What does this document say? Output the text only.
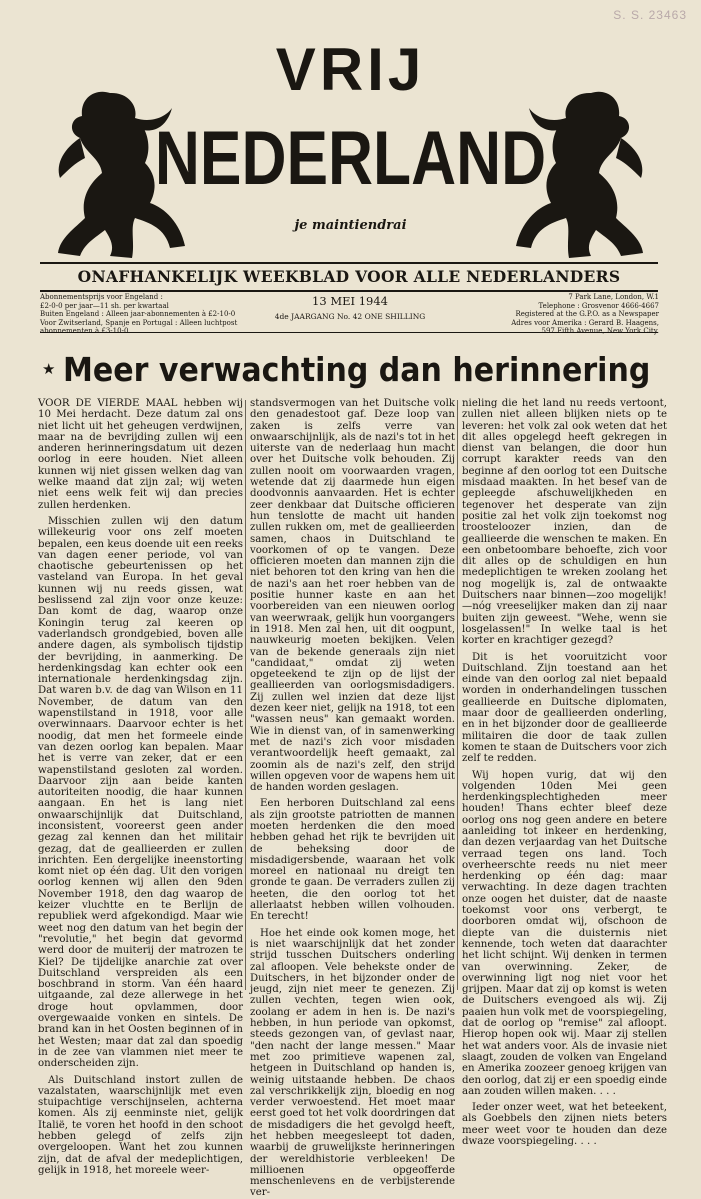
S. S. 23463
VRIJ
NEDERLAND
je maintiendrai
ONAFHANKELIJK WEEKBLAD VOOR ALLE NEDERLANDERS
Abonnementsprijs voor Engeland :
£2-0-0 per jaar—11 sh. per kwartaal
Buiten Engeland : Alleen jaar-abonnementen à £2-10-0
Voor Zwitserland, Spanje en Portugal : Alleen luchtpost
abonnementen à £3-10-0
13 MEI 1944
4de JAARGANG No. 42 ONE SHILLING
7 Park Lane, London, W.1
Telephone : Grosvenor 4666-4667
Registered at the G.P.O. as a Newspaper
Adres voor Amerika : Gerard B. Haagens,
597 Fifth Avenue, New York City.
★ Meer verwachting dan herinnering

VOOR DE VIERDE MAAL hebben wij 10 Mei herdacht. Deze datum zal ons niet licht uit het geheugen verdwijnen, maar na de bevrijding zullen wij een anderen herinneringsdatum uit dezen oorlog in eere houden. Niet alleen kunnen wij niet gissen welken dag van welke maand dat zijn zal; wij weten niet eens welk feit wij dan precies zullen herdenken.

Misschien zullen wij den datum willekeurig voor ons zelf moeten bepalen, een keus doende uit een reeks van dagen eener periode, vol van chaotische gebeurtenissen op het vasteland van Europa. In het geval kunnen wij nu reeds gissen, wat beslissend zal zijn voor onze keuze: Dan komt de dag, waarop onze Koningin terug zal keeren op vaderlandsch grondgebied, boven alle andere dagen, als symbolisch tijdstip der bevrijding, in aanmerking. De herdenkingsdag kan echter ook een internationale herdenkingsdag zijn. Dat waren b.v. de dag van Wilson en 11 November, de datum van den wapenstilstand in 1918, voor alle overwinnaars. Daarvoor echter is het noodig, dat men het formeele einde van dezen oorlog kan bepalen. Maar het is verre van zeker, dat er een wapenstilstand gesloten zal worden. Daarvoor zijn aan beide kanten autoriteiten noodig, die haar kunnen aangaan. En het is lang niet onwaarschijnlijk dat Duitschland, inconsistent, vooreerst geen ander gezag zal kennen dan het militair gezag, dat de geallieerden er zullen inrichten. Een dergelijke ineenstorting komt niet op één dag. Uit den vorigen oorlog kennen wij allen den 9den November 1918, den dag waarop de keizer vluchtte en te Berlijn de republiek werd afgekondigd. Maar wie weet nog den datum van het begin der "revolutie," het begin dat gevormd werd door de muiterij der matrozen te Kiel? De tijdelijke anarchie zat over Duitschland verspreiden als een boschbrand in storm. Van één haard uitgaande, zal deze allerwege in het droge hout opvlammen, door overgewaaide vonken en sintels. De brand kan in het Oosten beginnen of in het Westen; maar dat zal dan spoedig in de zee van vlammen niet meer te onderscheiden zijn.

Als Duitschland instort zullen de vazalstaten, waarschijnlijk met even stuipachtige verschijnselen, achterna komen. Als zij eenminste niet, gelijk Italië, te voren het hoofd in den schoot hebben gelegd of zelfs zijn overgeloopen. Want het zou kunnen zijn, dat de afval der medeplichtigen, gelijk in 1918, het moreele weer-

standsvermogen van het Duitsche volk den genadestoot gaf. Deze loop van zaken is zelfs verre van onwaarschijnlijk, als de nazi's tot in het uiterste van de nederlaag hun macht over het Duitsche volk behouden. Zij zullen nooit om voorwaarden vragen, wetende dat zij daarmede hun eigen doodvonnis aanvaarden. Het is echter zeer denkbaar dat Duitsche officieren hun tenslotte de macht uit handen zullen rukken om, met de geallieerden samen, chaos in Duitschland te voorkomen of op te vangen. Deze officieren moeten dan mannen zijn die niet behoren tot den kring van hen die de nazi's aan het roer hebben van de positie hunner kaste en aan het voorbereiden van een nieuwen oorlog van weerwraak, gelijk hun voorgangers in 1918. Men zal hen, uit dit oogpunt, nauwkeurig moeten bekijken. Velen van de bekende generaals zijn niet "candidaat," omdat zij weten opgeteekend te zijn op de lijst der geallieerden van oorlogsmisdadigers. Zij zullen wel inzien dat deze lijst dezen keer niet, gelijk na 1918, tot een "wassen neus" kan gemaakt worden. Wie in dienst van, of in samenwerking met de nazi's zich voor misdaden verantwoordelijk heeft gemaakt, zal zoomin als de nazi's zelf, den strijd willen opgeven voor de wapens hem uit de handen worden geslagen.

Een herboren Duitschland zal eens als zijn grootste patriotten de mannen moeten herdenken die den moed hebben gehad het rijk te bevrijden uit de beheksing door de misdadigersbende, waaraan het volk moreel en nationaal nu dreigt ten gronde te gaan. De verraders zullen zij heeten, die den oorlog tot het allerlaatst hebben willen volhouden. En terecht!

Hoe het einde ook komen moge, het is niet waarschijnlijk dat het zonder strijd tusschen Duitschers onderling zal afloopen. Vele behekste onder de Duitschers, in het bijzonder onder de jeugd, zijn niet meer te genezen. Zij zullen vechten, tegen wien ook, zoolang er adem in hen is. De nazi's hebben, in hun periode van opkomst, steeds gezongen van, of gevlast naar, "den nacht der lange messen." Maar met zoo primitieve wapenen zal, hetgeen in Duitschland op handen is, weinig uitstaande hebben. De chaos zal verschrikkelijk zijn, bloedig en nog verder verwoestend. Het moet maar eerst goed tot het volk doordringen dat de misdadigers die het gevolgd heeft, het hebben meegesleept tot daden, waarbij de gruwelijkste herinneringen der wereldhistorie verbleeken! De millioenen opgeofferde menschenlevens en de verbijsterende ver-

nieling die het land nu reeds vertoont, zullen niet alleen blijken niets op te leveren: het volk zal ook weten dat het dit alles opgelegd heeft gekregen in dienst van belangen, die door hun corrupt karakter reeds van den beginne af den oorlog tot een Duitsche misdaad maakten. In het besef van de gepleegde afschuwelijkheden en tegenover het desperate van zijn positie zal het volk zijn toekomst nog troosteloozer inzien, dan de geallieerde die wenschen te maken. En een onbetoombare behoefte, zich voor dit alles op de schuldigen en hun medeplichtigen te wreken zoolang het nog mogelijk is, zal de ontwaakte Duitschers naar binnen—zoo mogelijk!—nóg vreeselijker maken dan zij naar buiten zijn geweest. "Wehe, wenn sie losgelassen!" In welke taal is het korter en krachtiger gezegd?

Dit is het vooruitzicht voor Duitschland. Zijn toestand aan het einde van den oorlog zal niet bepaald worden in onderhandelingen tusschen geallieerde en Duitsche diplomaten, maar door de geallieerden onderling, en in het bijzonder door de geallieerde militairen die door de taak zullen komen te staan de Duitschers voor zich zelf te redden.

Wij hopen vurig, dat wij den volgenden 10den Mei geen herdenkingsplechtigheden meer houden! Thans echter bleef deze oorlog ons nog geen andere en betere aanleiding tot inkeer en herdenking, dan dezen verjaardag van het Duitsche verraad tegen ons land. Toch overheerschte reeds nu niet meer herdenking op één dag: maar verwachting. In deze dagen trachten onze oogen het duister, dat de naaste toekomst voor ons verbergt, te doorboren omdat wij, ofschoon de diepte van die duisternis niet kennende, toch weten dat daarachter het licht schijnt. Wij denken in termen van overwinning. Zeker, de overwinning ligt nog niet voor het grijpen. Maar dat zij op komst is weten de Duitschers evengoed als wij. Zij paaien hun volk met de voorspiegeling, dat de oorlog op "remise" zal afloopt. Hierop hopen ook wij. Maar zij stellen het wat anders voor. Als de invasie niet slaagt, zouden de volken van Engeland en Amerika zoozeer genoeg krijgen van den oorlog, dat zij er een spoedig einde aan zouden willen maken. . . .

Ieder onzer weet, wat het beteekent, als Goebbels den zijnen niets beters meer weet voor te houden dan deze dwaze voorspiegeling. . . .
